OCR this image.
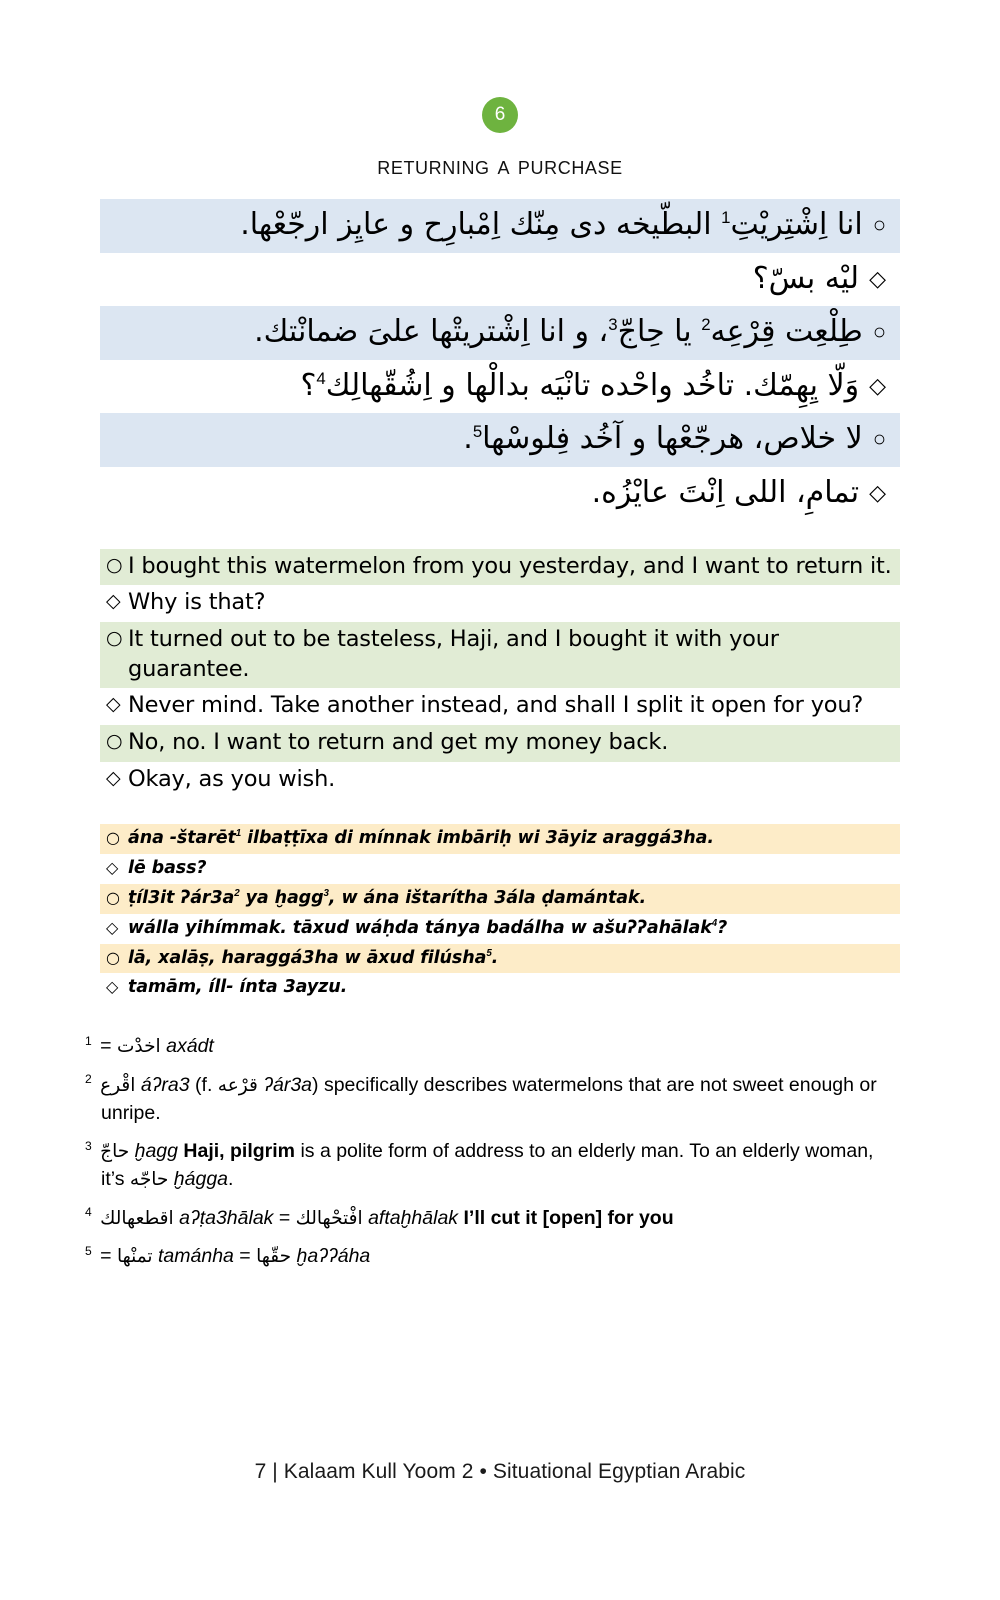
6
returning a purchase
○انا اِشْتِريْتِ$^1$ البطّيخه دى مِنّك اِمْبارِح و عايِز ارجّعْها.
◇ليْه بسّ؟
○طِلْعِت قِرْعِه$^2$ يا حِاجّ$^3$، و انا اِشْتريتْها علىَ ضمانْتك.
◇وَلّا يِهِمّك. تاخُد واحْده تانْيَه بدالْها و اِشُقّهالِك$^4$؟
○لا خلاص، هرجّعْها و آخُد فِلوسْها$^5$.
◇تمامِ، اللى اِنْتَ عايْزُه.
○ I bought this watermelon from you yesterday, and I want to return it.
◇ Why is that?
○ It turned out to be tasteless, Haji, and I bought it with your guarantee.
◇ Never mind. Take another instead, and shall I split it open for you?
○ No, no. I want to return and get my money back.
◇ Okay, as you wish.
○ ána -štarēt$^1$ ilbaṭṭīxa di mínnak imbāriḥ wi 3āyiz araggá3ha.
◇ lē bass?
○ ṭíl3it ʔár3a$^2$ ya ḫagg$^3$, w ána ištarítha 3ála ḍamántak.
◇ wálla yihímmak. tāxud wáḥda tánya badálha w ašuʔʔahālak$^4$?
○ lā, xalāṣ, haraggá3ha w āxud filúsha$^5$.
◇ tamām, íll- ínta 3ayzu.
$^1$ = اخدْت axádt
$^2$ اقْرع áʔra3 (f. قرْعه ʔár3a) specifically describes watermelons that are not sweet enough or unripe.
$^3$ حاجّ ḫagg Haji, pilgrim is a polite form of address to an elderly man. To an elderly woman, it’s حاجّه ḫágga.
$^4$ اقطعهالك aʔṭa3hālak = افْتحْهالك aftaḫhālak I’ll cut it [open] for you
$^5$ = تمنْها tamánha = حقّها ḫaʔʔáha
7 | Kalaam Kull Yoom 2 • Situational Egyptian Arabic
